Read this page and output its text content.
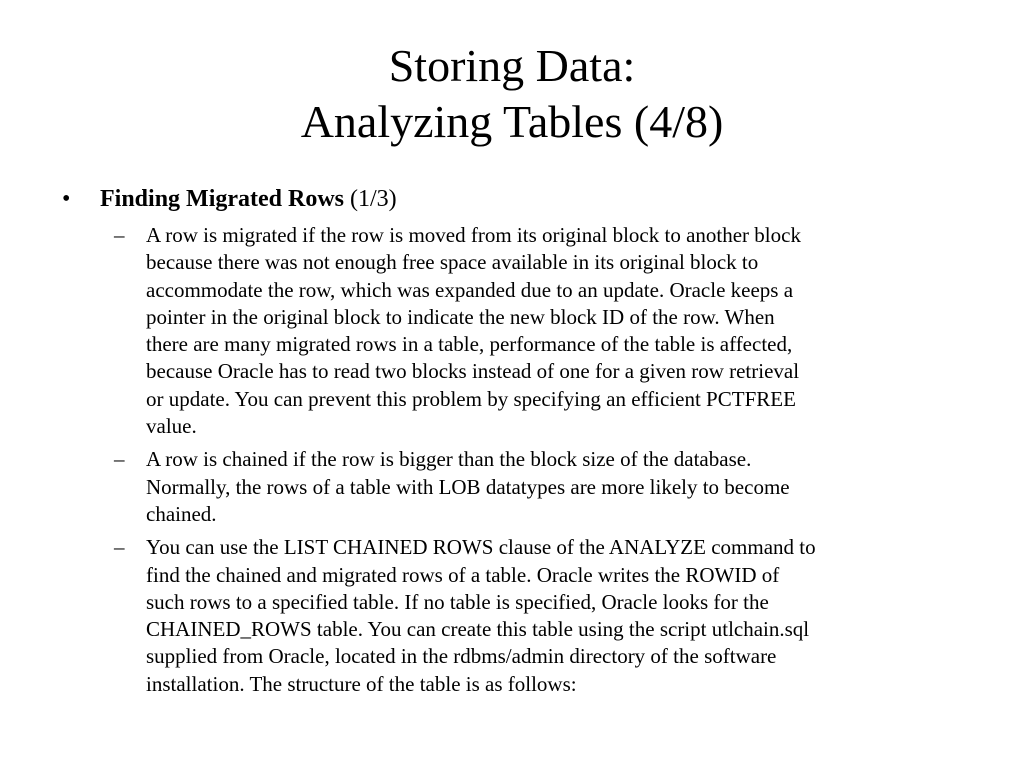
Storing Data:
Analyzing Tables (4/8)
• Finding Migrated Rows (1/3)
– A row is migrated if the row is moved from its original block to another block
because there was not enough free space available in its original block to
accommodate the row, which was expanded due to an update. Oracle keeps a
pointer in the original block to indicate the new block ID of the row. When
there are many migrated rows in a table, performance of the table is affected,
because Oracle has to read two blocks instead of one for a given row retrieval
or update. You can prevent this problem by specifying an efficient PCTFREE
value.
– A row is chained if the row is bigger than the block size of the database.
Normally, the rows of a table with LOB datatypes are more likely to become
chained.
– You can use the LIST CHAINED ROWS clause of the ANALYZE command to
find the chained and migrated rows of a table. Oracle writes the ROWID of
such rows to a specified table. If no table is specified, Oracle looks for the
CHAINED_ROWS table. You can create this table using the script utlchain.sql
supplied from Oracle, located in the rdbms/admin directory of the software
installation. The structure of the table is as follows:
